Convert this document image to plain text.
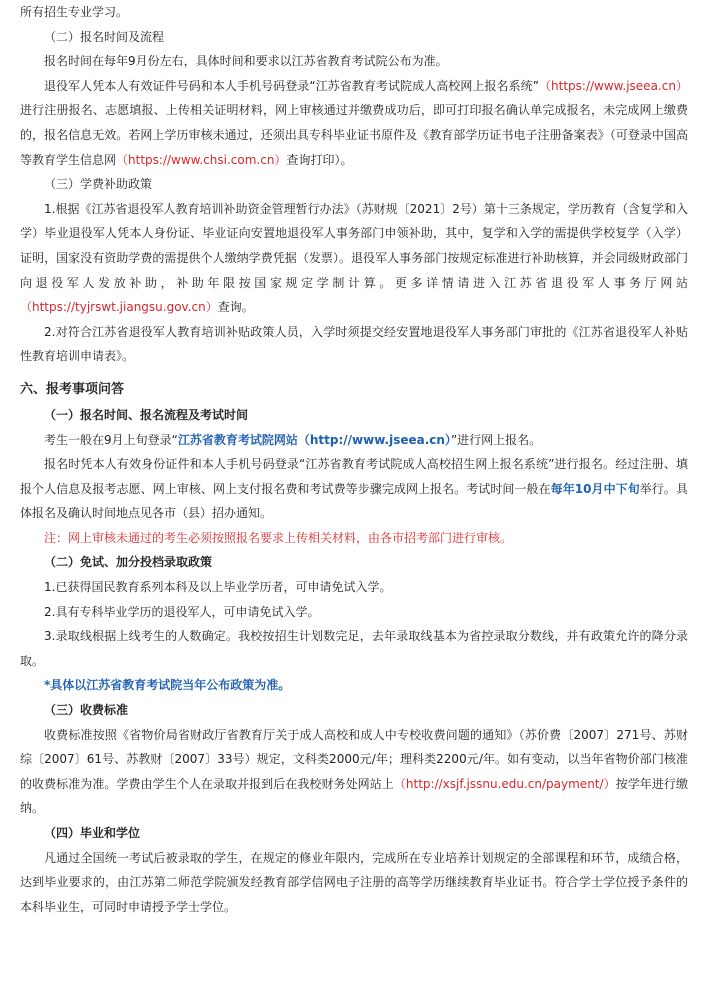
所有招生专业学习。

（二）报名时间及流程

报名时间在每年9月份左右，具体时间和要求以江苏省教育考试院公布为准。

退役军人凭本人有效证件号码和本人手机号码登录“江苏省教育考试院成人高校网上报名系统”（https://www.jseea.cn）进行注册报名、志愿填报、上传相关证明材料，网上审核通过并缴费成功后，即可打印报名确认单完成报名，未完成网上缴费的，报名信息无效。若网上学历审核未通过，还须出具专科毕业证书原件及《教育部学历证书电子注册备案表》（可登录中国高等教育学生信息网（https://www.chsi.com.cn）查询打印）。

（三）学费补助政策

1.根据《江苏省退役军人教育培训补助资金管理暂行办法》（苏财规〔2021〕2号）第十三条规定，学历教育（含复学和入学）毕业退役军人凭本人身份证、毕业证向安置地退役军人事务部门申领补助，其中，复学和入学的需提供学校复学（入学）证明，国家没有资助学费的需提供个人缴纳学费凭据（发票）。退役军人事务部门按规定标准进行补助核算，并会同级财政部门向退役军人发放补助，补助年限按国家规定学制计算。更多详情请进入江苏省退役军人事务厅网站（https://tyjrswt.jiangsu.gov.cn）查询。

2.对符合江苏省退役军人教育培训补贴政策人员，入学时须提交经安置地退役军人事务部门审批的《江苏省退役军人补贴性教育培训申请表》。

六、报考事项问答

（一）报名时间、报名流程及考试时间

考生一般在9月上旬登录“江苏省教育考试院网站（http://www.jseea.cn）”进行网上报名。

报名时凭本人有效身份证件和本人手机号码登录“江苏省教育考试院成人高校招生网上报名系统”进行报名。经过注册、填报个人信息及报考志愿、网上审核、网上支付报名费和考试费等步骤完成网上报名。考试时间一般在每年10月中下旬举行。具体报名及确认时间地点见各市（县）招办通知。

注：网上审核未通过的考生必须按照报名要求上传相关材料，由各市招考部门进行审核。

（二）免试、加分投档录取政策

1.已获得国民教育系列本科及以上毕业学历者，可申请免试入学。

2.具有专科毕业学历的退役军人，可申请免试入学。

3.录取线根据上线考生的人数确定。我校按招生计划数完足，去年录取线基本为省控录取分数线，并有政策允许的降分录取。

*具体以江苏省教育考试院当年公布政策为准。

（三）收费标准

收费标准按照《省物价局省财政厅省教育厅关于成人高校和成人中专校收费问题的通知》（苏价费〔2007〕271号、苏财综〔2007〕61号、苏教财〔2007〕33号）规定，文科类2000元/年；理科类2200元/年。如有变动，以当年省物价部门核准的收费标准为准。学费由学生个人在录取并报到后在我校财务处网站上（http://xsjf.jssnu.edu.cn/payment/）按学年进行缴纳。

（四）毕业和学位

凡通过全国统一考试后被录取的学生，在规定的修业年限内，完成所在专业培养计划规定的全部课程和环节，成绩合格，达到毕业要求的，由江苏第二师范学院颁发经教育部学信网电子注册的高等学历继续教育毕业证书。符合学士学位授予条件的本科毕业生，可同时申请授予学士学位。
